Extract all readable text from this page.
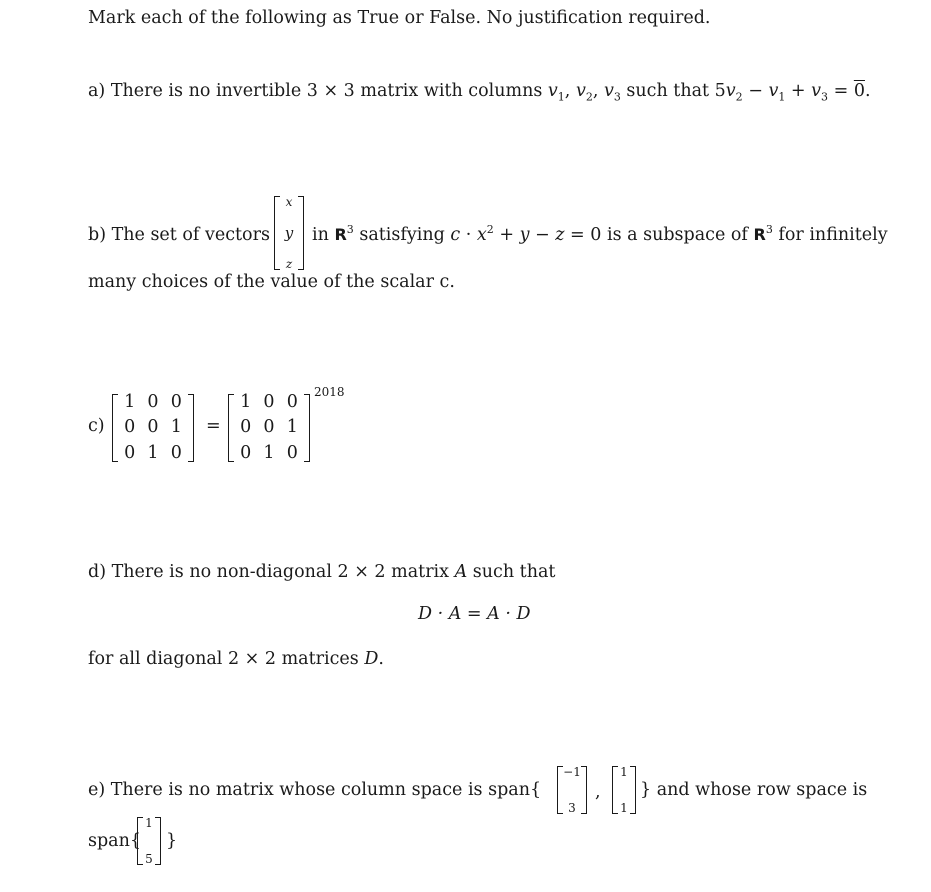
Mark each of the following as True or False. No justification required.
a) There is no invertible 3 × 3 matrix with columns $v_1$, $v_2$, $v_3$ such that $5v_2 - v_1 + v_3 = 0$.
b) The set of vectors
x
y
z
in $R^3$ satisfying $c \cdot x^2 + y - z = 0$ is a subspace of $R^3$ for infinitely
many choices of the value of the scalar c.
c)
1 0 0
0 0 1
0 1 0
=
1 0 0
0 0 1
0 1 0
2018
d) There is no non-diagonal 2 × 2 matrix A such that
D · A = A · D
for all diagonal 2 × 2 matrices D.
e) There is no matrix whose column space is span{
−1
3
,
1
1
} and whose row space is
span{
1
5
}
